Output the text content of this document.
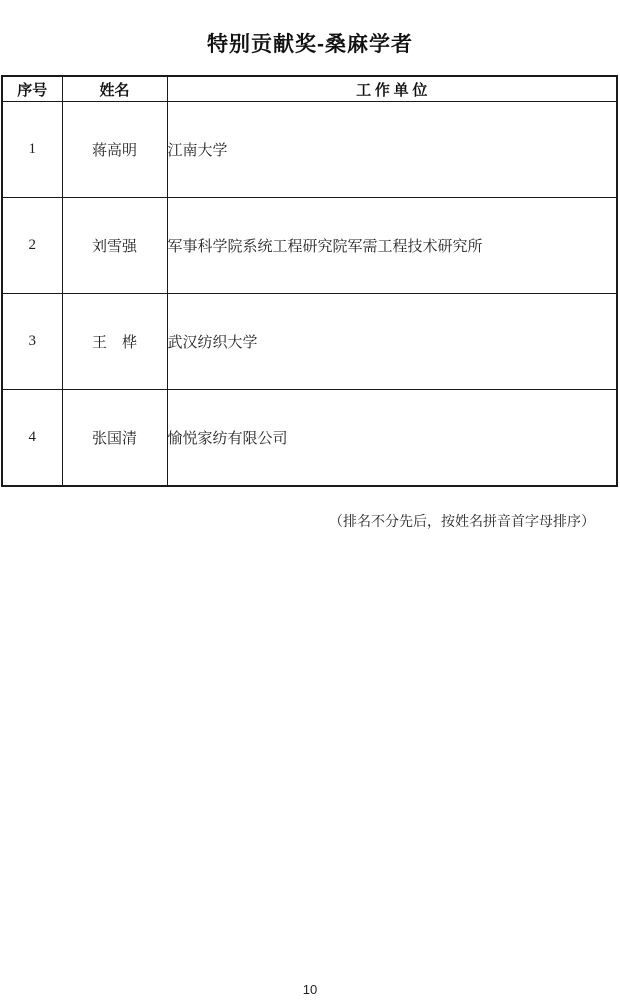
特别贡献奖-桑麻学者
序号	姓名	工 作 单 位
1	蒋高明	江南大学
2	刘雪强	军事科学院系统工程研究院军需工程技术研究所
3	王　桦	武汉纺织大学
4	张国清	愉悦家纺有限公司
（排名不分先后，按姓名拼音首字母排序）
10
